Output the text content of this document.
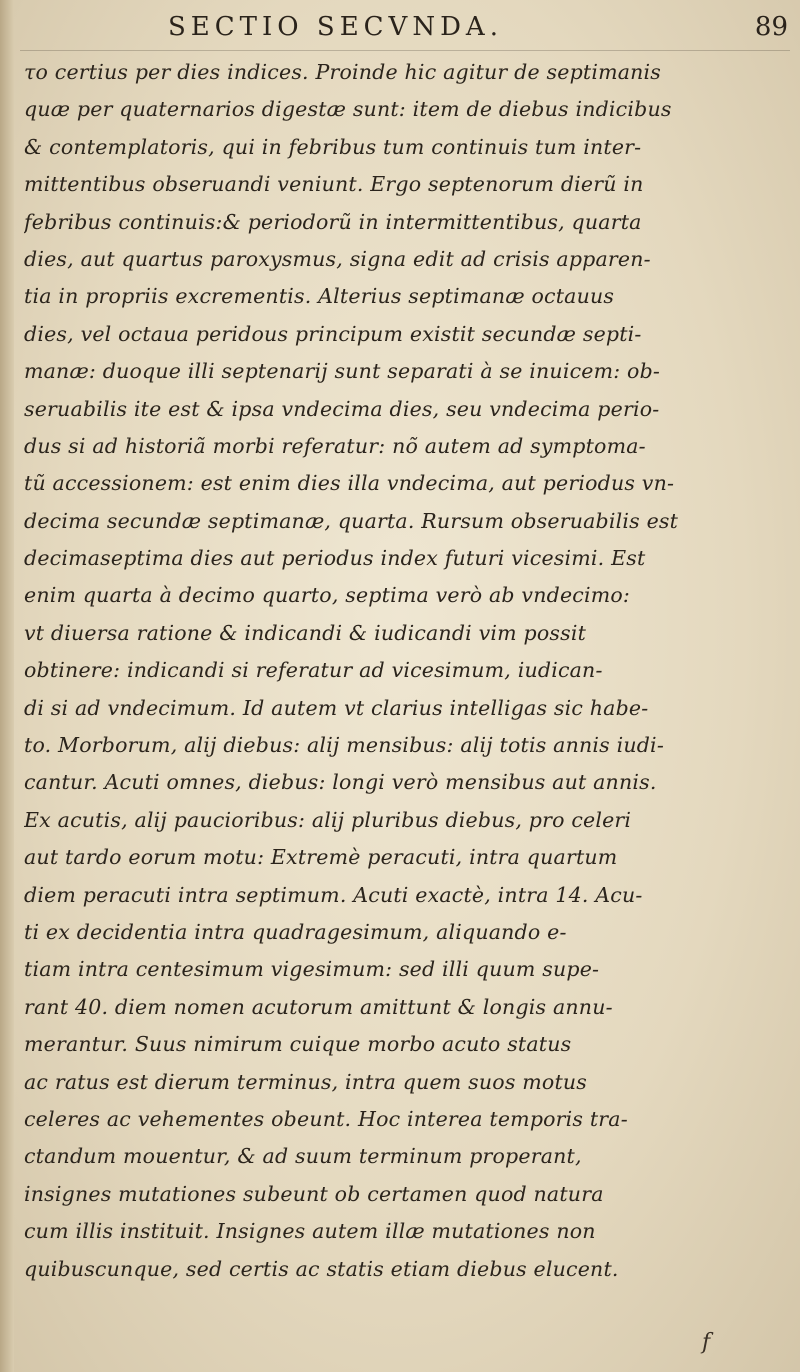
SECTIO SECVNDA.	89
το certius per dies indices. Proinde hic agitur de septimanis
quæ per quaternarios digestæ sunt: item de diebus indicibus
& contemplatoris, qui in febribus tum continuis tum inter-
mittentibus obseruandi veniunt. Ergo septenorum dierũ in
febribus continuis:& periodorũ in intermittentibus, quarta
dies, aut quartus paroxysmus, signa edit ad crisis apparen-
tia in propriis excrementis. Alterius septimanæ octauus
dies, vel octaua peridous principum existit secundæ septi-
manæ: duoque illi septenarij sunt separati à se inuicem: ob-
seruabilis ite est & ipsa vndecima dies, seu vndecima perio-
dus si ad historiã morbi referatur: nõ autem ad symptoma-
tũ accessionem: est enim dies illa vndecima, aut periodus vn-
decima secundæ septimanæ, quarta. Rursum obseruabilis est
decimaseptima dies aut periodus index futuri vicesimi. Est
enim quarta à decimo quarto, septima verò ab vndecimo:
vt diuersa ratione & indicandi & iudicandi vim possit
obtinere: indicandi si referatur ad vicesimum, iudican-
di si ad vndecimum. Id autem vt clarius intelligas sic habe-
to. Morborum, alij diebus: alij mensibus: alij totis annis iudi-
cantur. Acuti omnes, diebus: longi verò mensibus aut annis.
Ex acutis, alij paucioribus: alij pluribus diebus, pro celeri
aut tardo eorum motu: Extremè peracuti, intra quartum
diem peracuti intra septimum. Acuti exactè, intra 14. Acu-
ti ex decidentia intra quadragesimum, aliquando e-
tiam intra centesimum vigesimum: sed illi quum supe-
rant 40. diem nomen acutorum amittunt & longis annu-
merantur. Suus nimirum cuique morbo acuto status
ac ratus est dierum terminus, intra quem suos motus
celeres ac vehementes obeunt. Hoc interea temporis tra-
ctandum mouentur, & ad suum terminum properant,
insignes mutationes subeunt ob certamen quod natura
cum illis instituit. Insignes autem illæ mutationes non
quibuscunque, sed certis ac statis etiam diebus elucent.
f
